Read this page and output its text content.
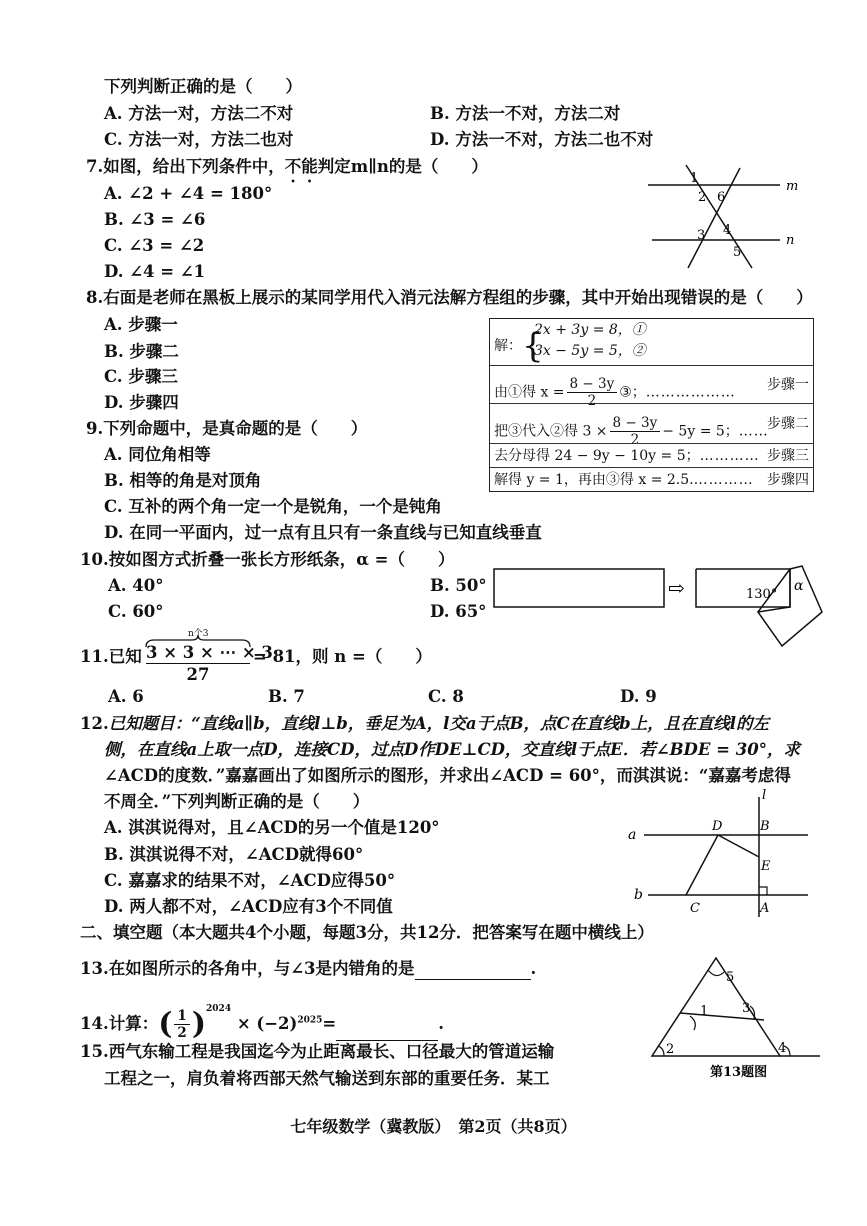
下列判断正确的是（　　）
A. 方法一对，方法二不对	B. 方法一不对，方法二对
C. 方法一对，方法二也对	D. 方法一不对，方法二也不对
7.如图，给出下列条件中，不能判定m∥n的是（　　）
A. ∠2 + ∠4 = 180°
B. ∠3 = ∠6
C. ∠3 = ∠2
D. ∠4 = ∠1
1
2 6
m
3 4
5
n
8.右面是老师在黑板上展示的某同学用代入消元法解方程组的步骤，其中开始出现错误的是（　　）
A. 步骤一
B. 步骤二
C. 步骤三
D. 步骤四
解：{
2x + 3y = 8，①
3x − 5y = 5，②
由①得 $x = \frac{8 - 3y}{2}$ ③；……………… 步骤一
把③代入②得 $3 \times \frac{8 - 3y}{2} - 5y = 5$；……
步骤二
去分母得 24 − 9y − 10y = 5；………… 步骤三
解得 y = 1，再由③得 x = 2.5.………… 步骤四
9.下列命题中，是真命题的是（　　）
A. 同位角相等
B. 相等的角是对顶角
C. 互补的两个角一定一个是锐角，一个是钝角
D. 在同一平面内，过一点有且只有一条直线与已知直线垂直
10.按如图方式折叠一张长方形纸条，α =（　　）
A. 40°	B. 50°
C. 60°	D. 65°
⇨	130°
α
11.已知
n个3
3 × 3 × ⋯ × 3
27
= 81，则 n =（　　）
A. 6	B. 7	C. 8	D. 9
12.已知题目：“直线a∥b，直线l⊥b，垂足为A，l交a于点B，点C在直线b上，且在直线l的左
侧，在直线a上取一点D，连接CD，过点D作DE⊥CD，交直线l于点E．若∠BDE = 30°，求
∠ACD的度数．”嘉嘉画出了如图所示的图形，并求出∠ACD = 60°，而淇淇说：“嘉嘉考虑得
不周全．”下列判断正确的是（　　）
A. 淇淇说得对，且∠ACD的另一个值是120°
B. 淇淇说得不对，∠ACD就得60°
C. 嘉嘉求的结果不对，∠ACD应得50°
D. 两人都不对，∠ACD应有3个不同值
l
a
D	B
E
b
C	A
二、填空题（本大题共4个小题，每题3分，共12分．把答案写在题中横线上）
13.在如图所示的各角中，与∠3是内错角的是	.	5
1	3
2	4
第13题图
14.计算：( $\frac{1}{2} )^{2024} \times (-2)^{2025}=$	.
15.西气东输工程是我国迄今为止距离最长、口径最大的管道运输
工程之一，肩负着将西部天然气输送到东部的重要任务．某工
七年级数学（冀教版）　第2页（共8页）
